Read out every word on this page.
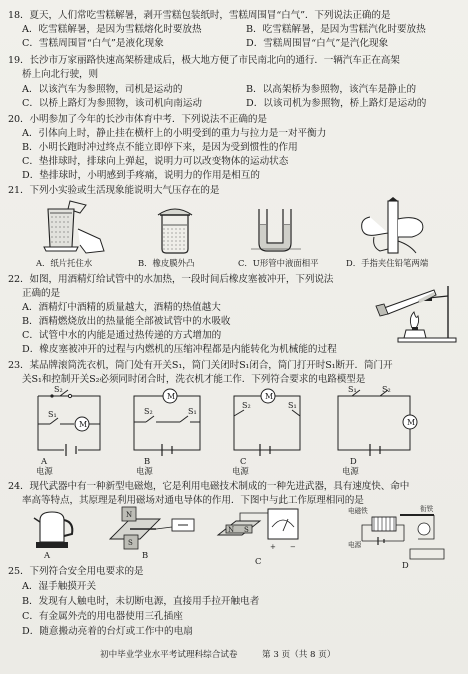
18．夏天，人们常吃雪糕解暑，剥开雪糕包装纸时，雪糕周围冒“白气”．下列说法正确的是
A．吃雪糕解暑，是因为雪糕熔化时要放热	B．吃雪糕解暑，是因为雪糕汽化时要放热
C．雪糕周围冒“白气”是液化现象	D．雪糕周围冒“白气”是汽化现象
19．长沙市万家丽路快速高架桥建成后，极大地方便了市民南北向的通行．一辆汽车正在高架
桥上向北行驶，则
A．以该汽车为参照物，司机是运动的	B．以高架桥为参照物，该汽车是静止的
C．以桥上路灯为参照物，该司机向南运动	D．以该司机为参照物，桥上路灯是运动的
20．小明参加了今年的长沙市体育中考．下列说法不正确的是
A．引体向上时，静止挂在横杆上的小明受到的重力与拉力是一对平衡力
B．小明长跑时冲过终点不能立即停下来，是因为受到惯性的作用
C．垫排球时，排球向上弹起，说明力可以改变物体的运动状态
D．垫排球时，小明感到手疼痛，说明力的作用是相互的
21．下列小实验或生活现象能说明大气压存在的是
A．纸片托住水	B．橡皮膜外凸	C．U形管中液面相平	D．手指夹住铅笔两端
22．如图，用酒精灯给试管中的水加热，一段时间后橡皮塞被冲开，下列说法
正确的是
A．酒精灯中酒精的质量越大，酒精的热值越大
B．酒精燃烧放出的热量能全部被试管中的水吸收
C．试管中水的内能是通过热传递的方式增加的
D．橡皮塞被冲开的过程与内燃机的压缩冲程都是内能转化为机械能的过程
23．某品牌滚筒洗衣机，筒门处有开关S₁，筒门关闭时S₁闭合，筒门打开时S₁断开．筒门开
关S₁和控制开关S₂必须同时闭合时，洗衣机才能工作．下列符合要求的电路模型是
M
S₂
S₁
M
S₂	S₁
M
S₂	S₁
S₁	S₂
M
A
电源
B
电源
C
电源
D
电源
24．现代武器中有一种新型电磁炮，它是利用电磁技术制成的一种先进武器，具有速度快、命中
率高等特点，其原理是利用磁场对通电导体的作用．下图中与此工作原理相同的是
A
N
S
B
N S
+ −
C
电磁铁	衔铁
电源
D
25．下列符合安全用电要求的是
A．湿手触摸开关
B．发现有人触电时，未切断电源，直接用手拉开触电者
C．有金属外壳的用电器使用三孔插座
D．随意搬动亮着的台灯或工作中的电扇
初中毕业学业水平考试理科综合试卷	第 3 页（共 8 页）
